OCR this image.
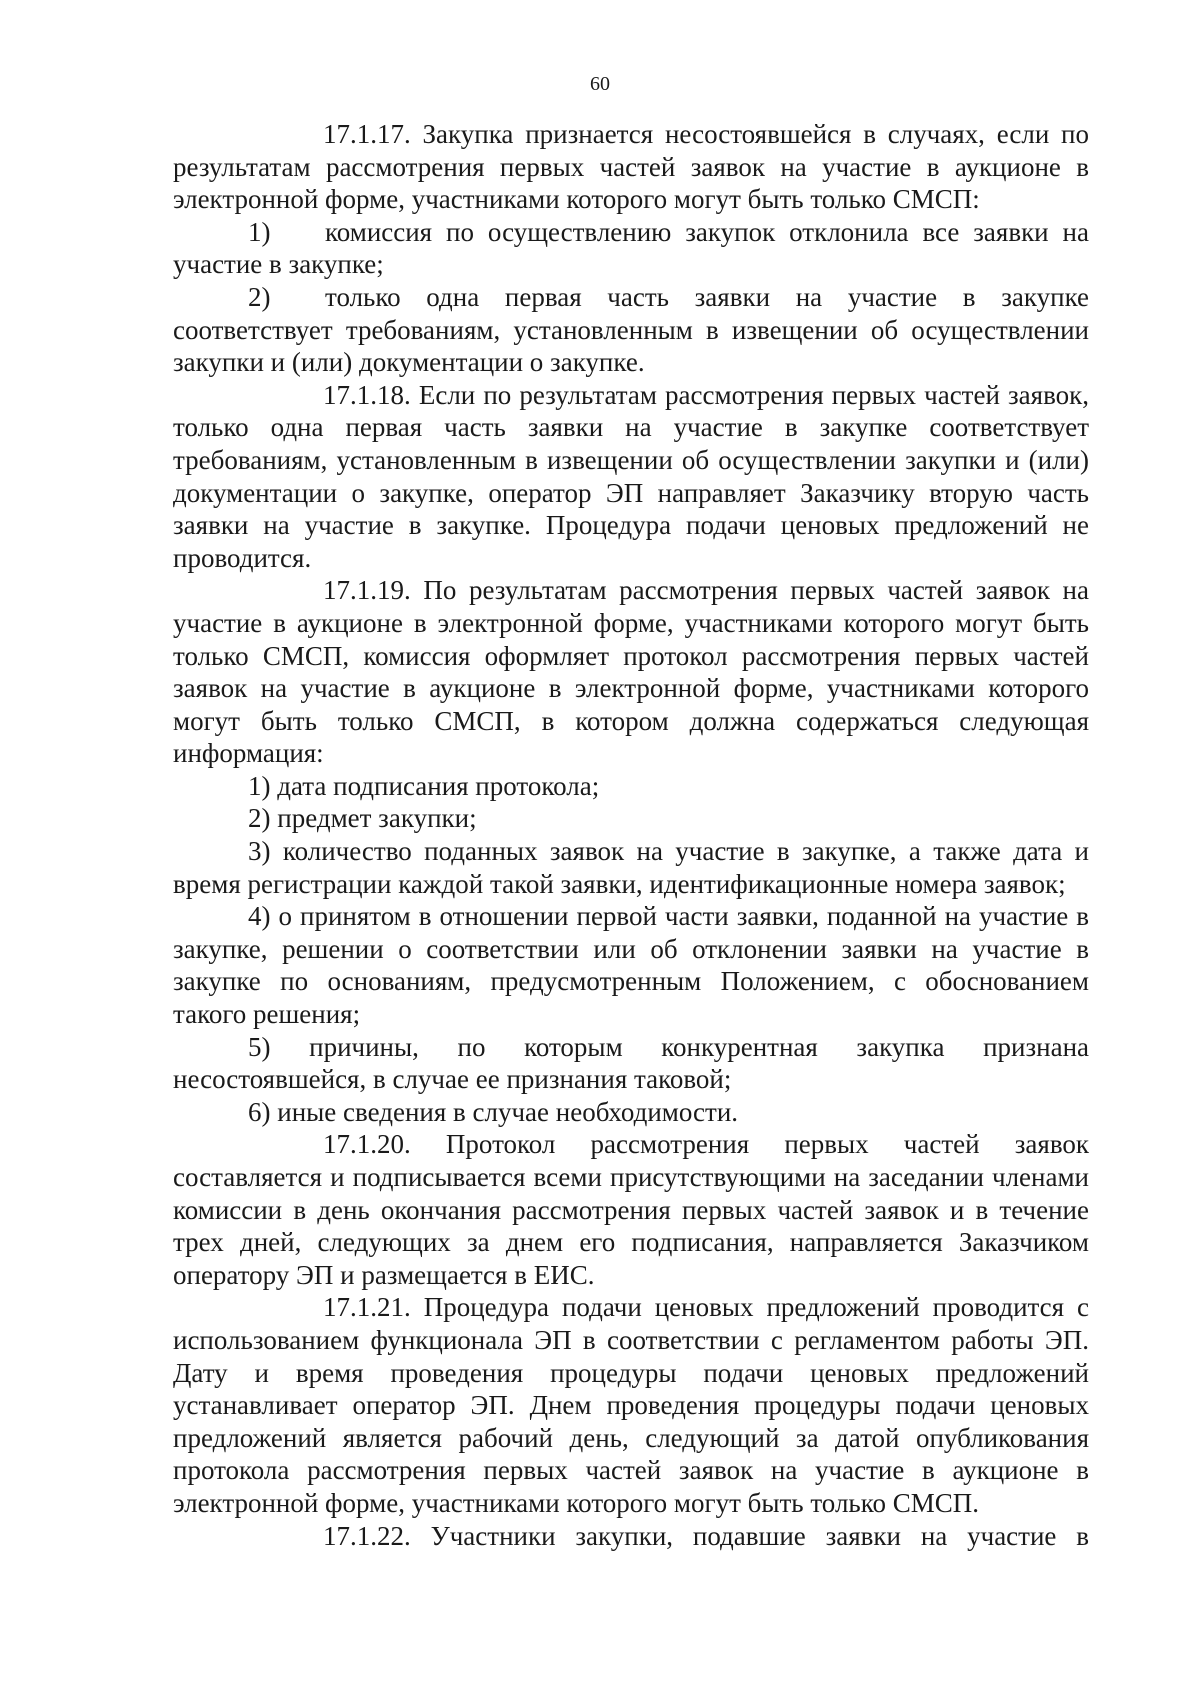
60

17.1.17. Закупка признается несостоявшейся в случаях, если по результатам рассмотрения первых частей заявок на участие в аукционе в электронной форме, участниками которого могут быть только СМСП:

1) комиссия по осуществлению закупок отклонила все заявки на участие в закупке;

2) только одна первая часть заявки на участие в закупке соответствует требованиям, установленным в извещении об осуществлении закупки и (или) документации о закупке.

17.1.18. Если по результатам рассмотрения первых частей заявок, только одна первая часть заявки на участие в закупке соответствует требованиям, установленным в извещении об осуществлении закупки и (или) документации о закупке, оператор ЭП направляет Заказчику вторую часть заявки на участие в закупке. Процедура подачи ценовых предложений не проводится.

17.1.19. По результатам рассмотрения первых частей заявок на участие в аукционе в электронной форме, участниками которого могут быть только СМСП, комиссия оформляет протокол рассмотрения первых частей заявок на участие в аукционе в электронной форме, участниками которого могут быть только СМСП, в котором должна содержаться следующая информация:

1) дата подписания протокола;

2) предмет закупки;

3) количество поданных заявок на участие в закупке, а также дата и время регистрации каждой такой заявки, идентификационные номера заявок;

4) о принятом в отношении первой части заявки, поданной на участие в закупке, решении о соответствии или об отклонении заявки на участие в закупке по основаниям, предусмотренным Положением, с обоснованием такого решения;

5) причины, по которым конкурентная закупка признана несостоявшейся, в случае ее признания таковой;

6) иные сведения в случае необходимости.

17.1.20. Протокол рассмотрения первых частей заявок составляется и подписывается всеми присутствующими на заседании членами комиссии в день окончания рассмотрения первых частей заявок и в течение трех дней, следующих за днем его подписания, направляется Заказчиком оператору ЭП и размещается в ЕИС.

17.1.21. Процедура подачи ценовых предложений проводится с использованием функционала ЭП в соответствии с регламентом работы ЭП. Дату и время проведения процедуры подачи ценовых предложений устанавливает оператор ЭП. Днем проведения процедуры подачи ценовых предложений является рабочий день, следующий за датой опубликования протокола рассмотрения первых частей заявок на участие в аукционе в электронной форме, участниками которого могут быть только СМСП.

17.1.22. Участники закупки, подавшие заявки на участие в
